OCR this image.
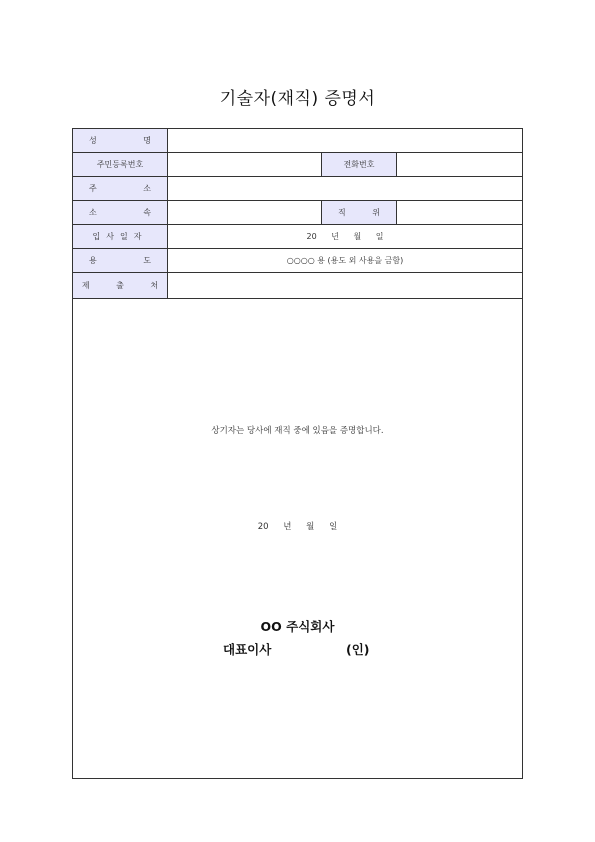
기술자(재직) 증명서
성 명
주민등록번호	전화번호
주 소
소 속	직 위
입사일자	20 년 월 일
용 도	○○○○ 용 (용도 외 사용을 금함)
제 출 처
상기자는 당사에 재직 중에 있음을 증명합니다.
20 년 월 일
OO 주식회사
대표이사	(인)
